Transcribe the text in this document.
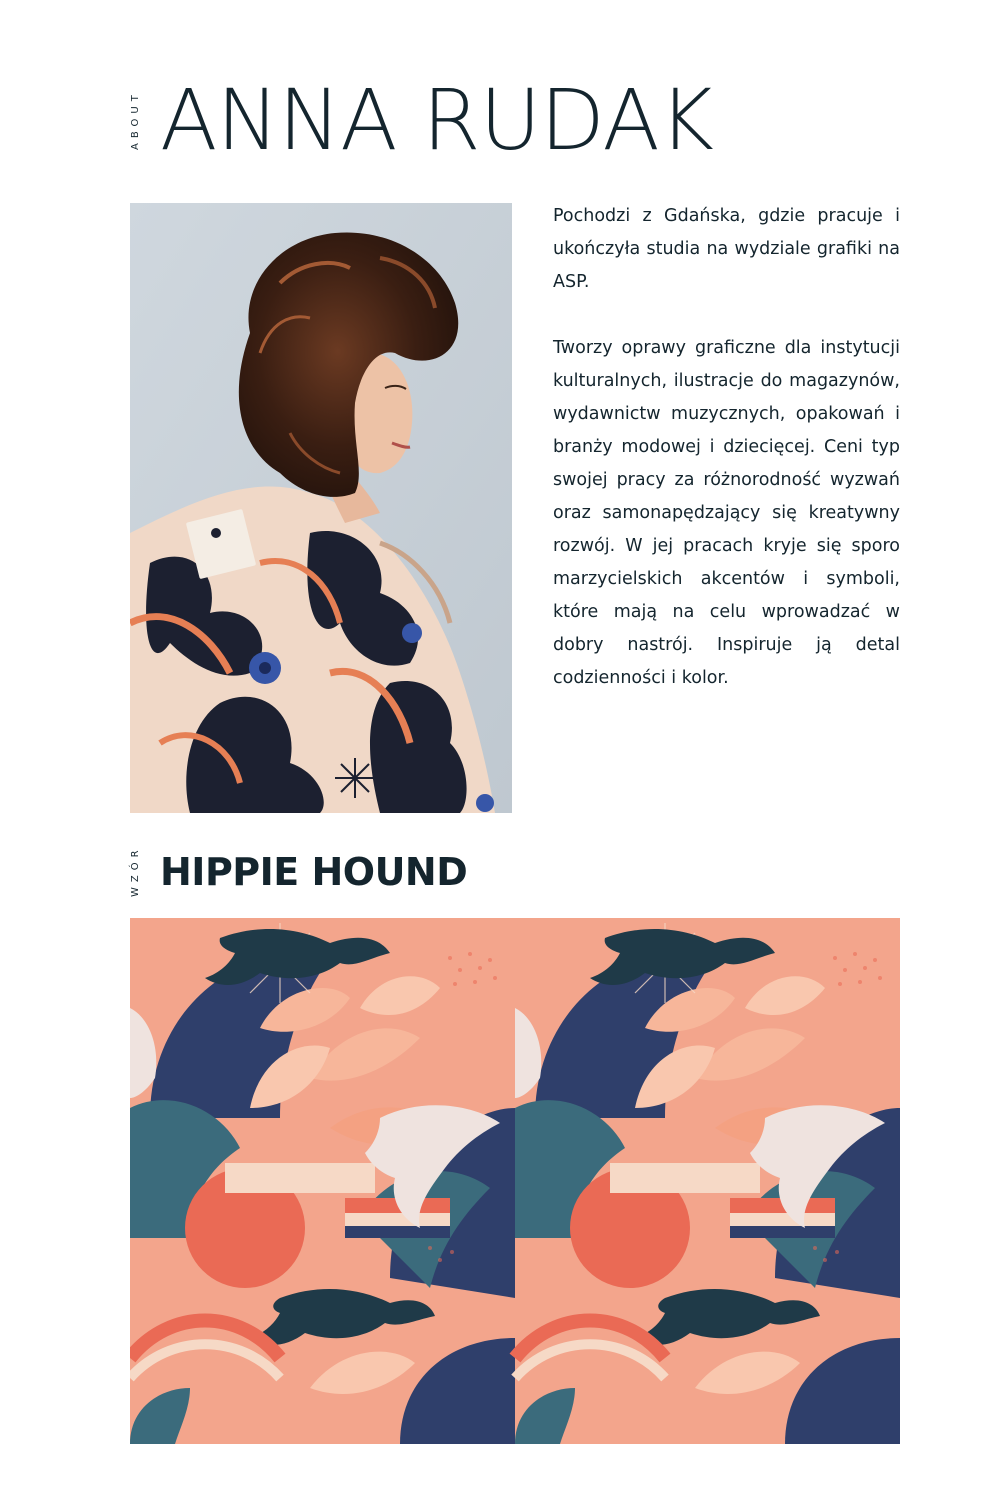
ABOUT ANNA RUDAK

Pochodzi z Gdańska, gdzie pracuje i ukończyła studia na wydziale grafiki na ASP.

Tworzy oprawy graficzne dla instytucji kulturalnych, ilustracje do magazynów, wydawnictw muzycznych, opakowań i branży modowej i dziecięcej. Ceni typ swojej pracy za różnorodność wyzwań oraz samonapędzający się kreatywny rozwój. W jej pracach kryje się sporo marzycielskich akcentów i symboli, które mają na celu wprowadzać w dobry nastrój. Inspiruje ją detal codzienności i kolor.

WZÓR HIPPIE HOUND
